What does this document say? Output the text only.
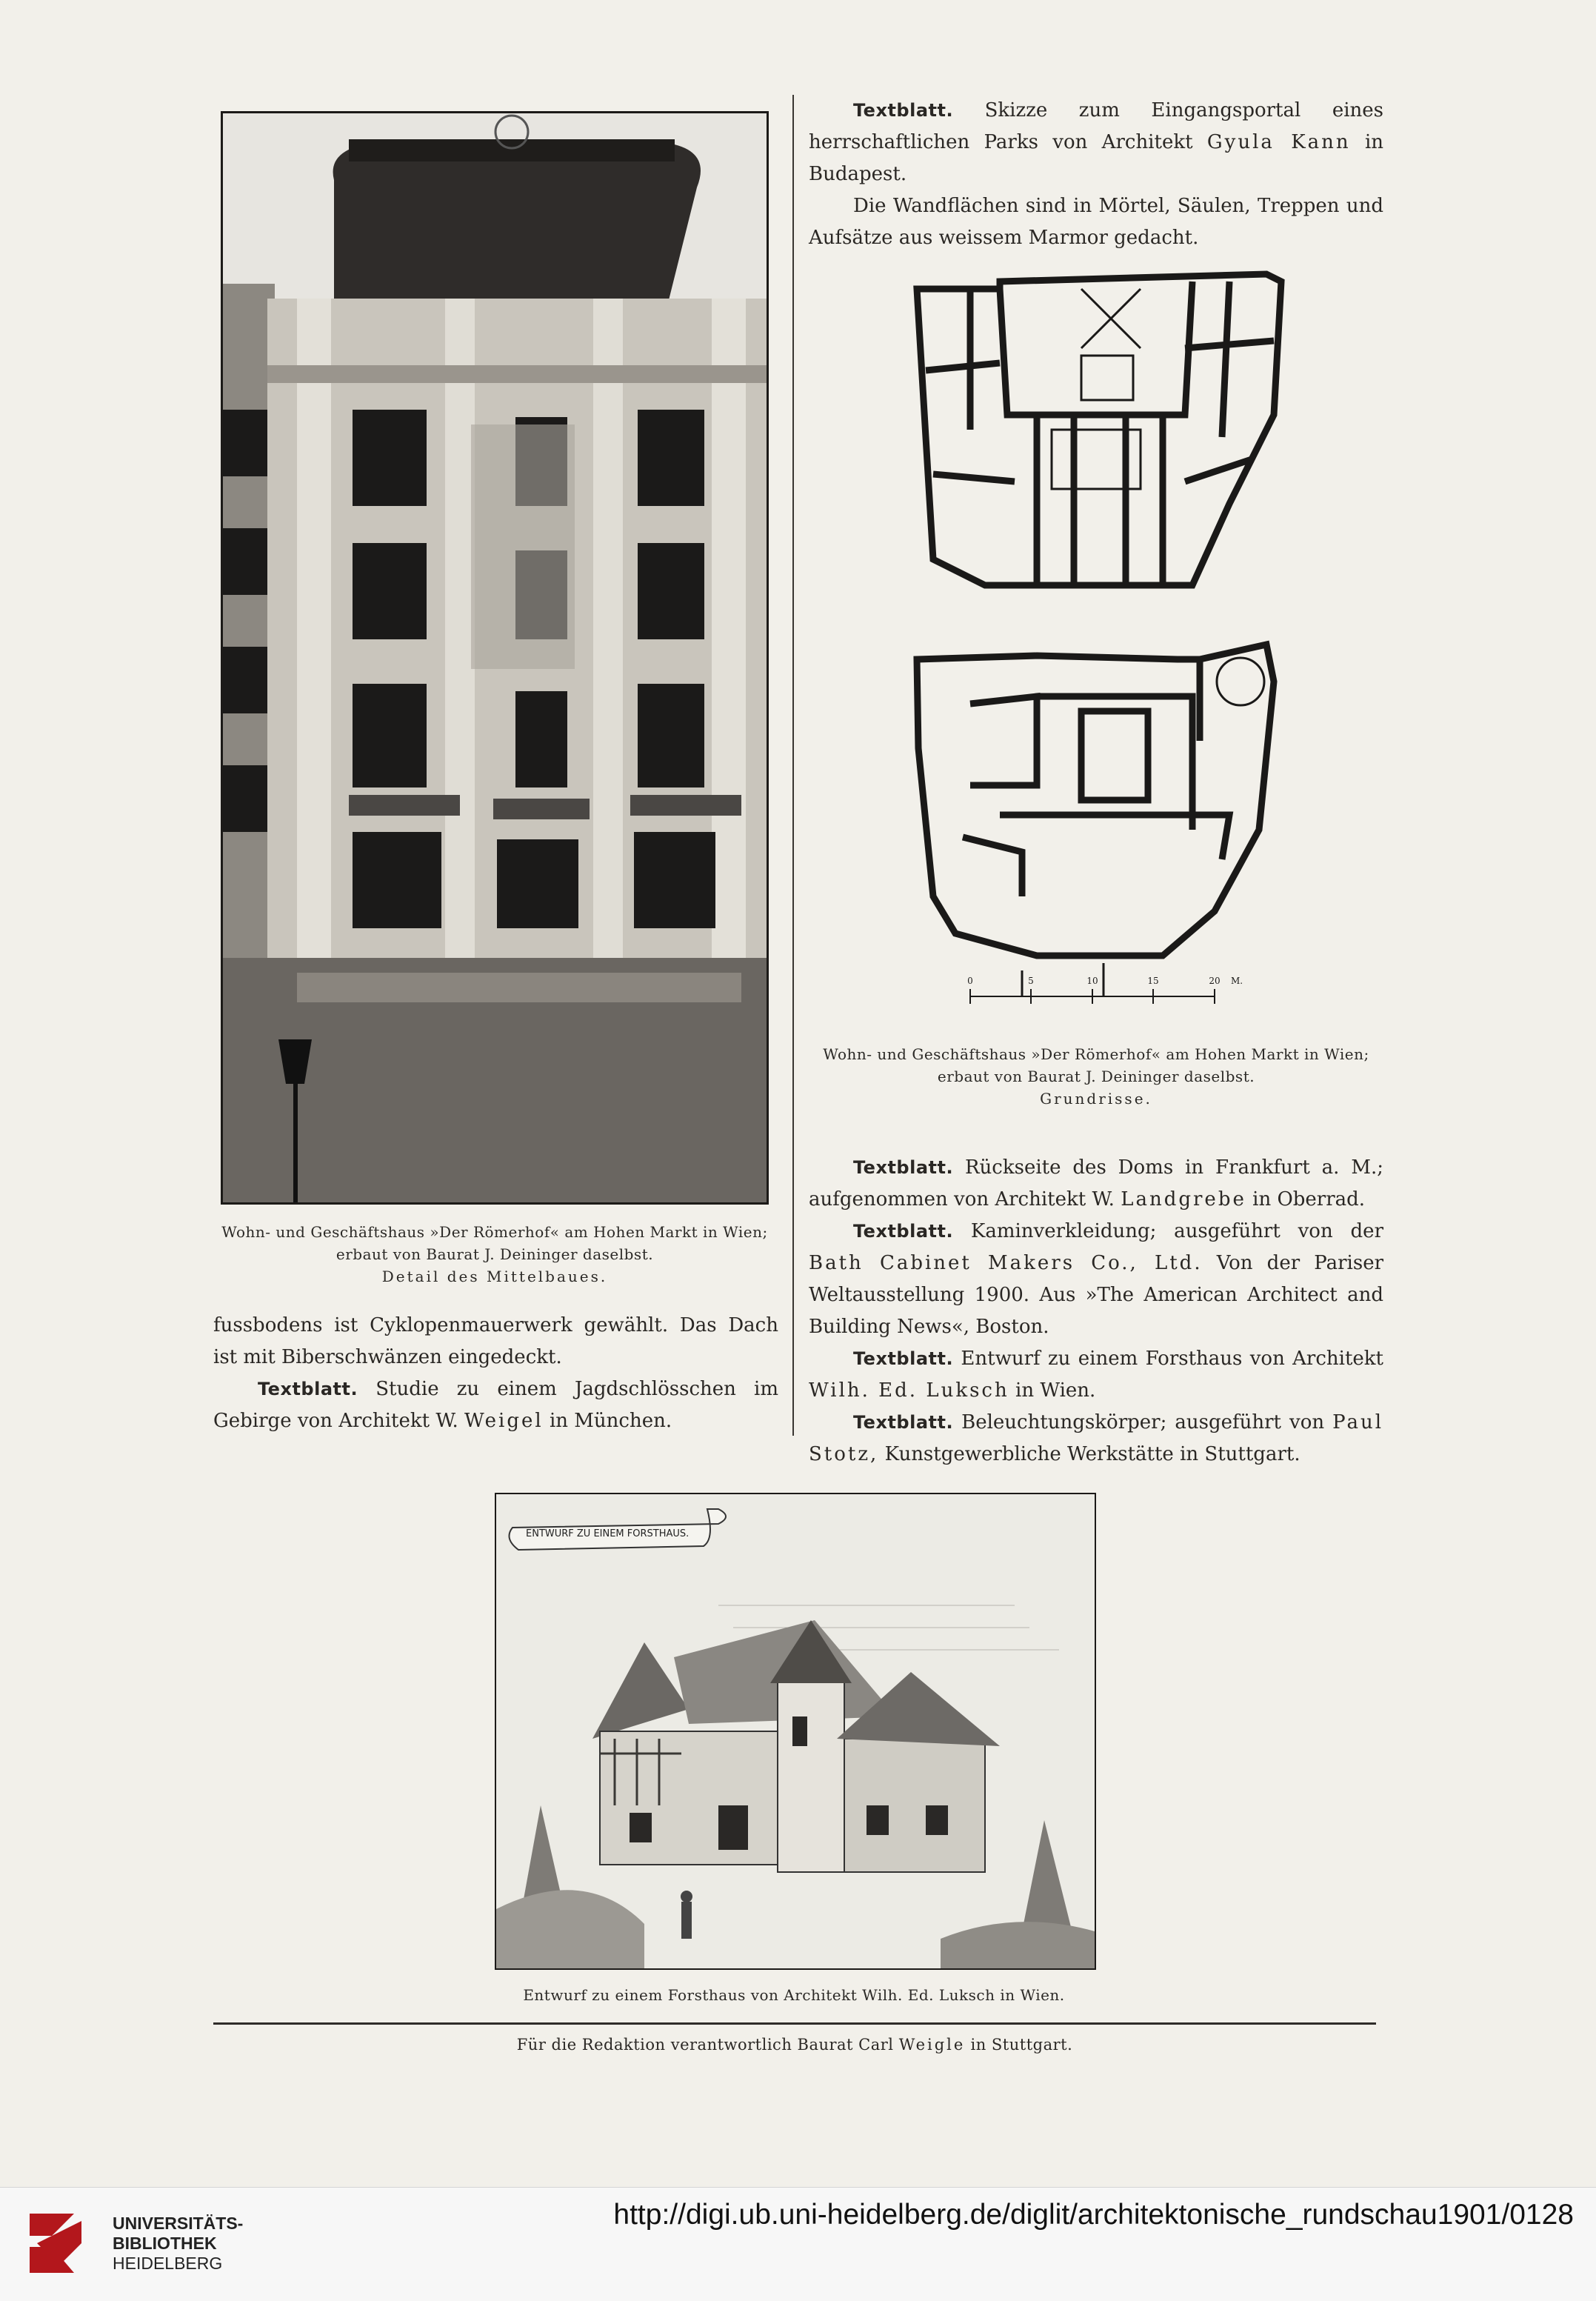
Wohn- und Geschäftshaus »Der Römerhof« am Hohen Markt in Wien;
erbaut von Baurat J. Deininger daselbst.
Detail des Mittelbaues.

fussbodens ist Cyklopenmauerwerk gewählt. Das Dach ist mit Biberschwänzen eingedeckt.

Textblatt. Studie zu einem Jagdschlösschen im Gebirge von Architekt W. Weigel in München.

Textblatt. Skizze zum Eingangsportal eines herrschaftlichen Parks von Architekt Gyula Kann in Budapest.

Die Wandflächen sind in Mörtel, Säulen, Treppen und Aufsätze aus weissem Marmor gedacht.

0	5	10	15	20 M.
Wohn- und Geschäftshaus »Der Römerhof« am Hohen Markt in Wien;
erbaut von Baurat J. Deininger daselbst.
Grundrisse.

Textblatt. Rückseite des Doms in Frankfurt a. M.; aufgenommen von Architekt W. Landgrebe in Oberrad.

Textblatt. Kaminverkleidung; ausgeführt von der Bath Cabinet Makers Co., Ltd. Von der Pariser Weltausstellung 1900. Aus »The American Architect and Building News«, Boston.

Textblatt. Entwurf zu einem Forsthaus von Architekt Wilh. Ed. Luksch in Wien.

Textblatt. Beleuchtungskörper; ausgeführt von Paul Stotz, Kunstgewerbliche Werkstätte in Stuttgart.

ENTWURF ZU EINEM FORSTHAUS.
Entwurf zu einem Forsthaus von Architekt Wilh. Ed. Luksch in Wien.
Für die Redaktion verantwortlich Baurat Carl Weigle in Stuttgart.
UNIVERSITÄTS-
BIBLIOTHEK
HEIDELBERG
http://digi.ub.uni-heidelberg.de/diglit/architektonische_rundschau1901/0128
